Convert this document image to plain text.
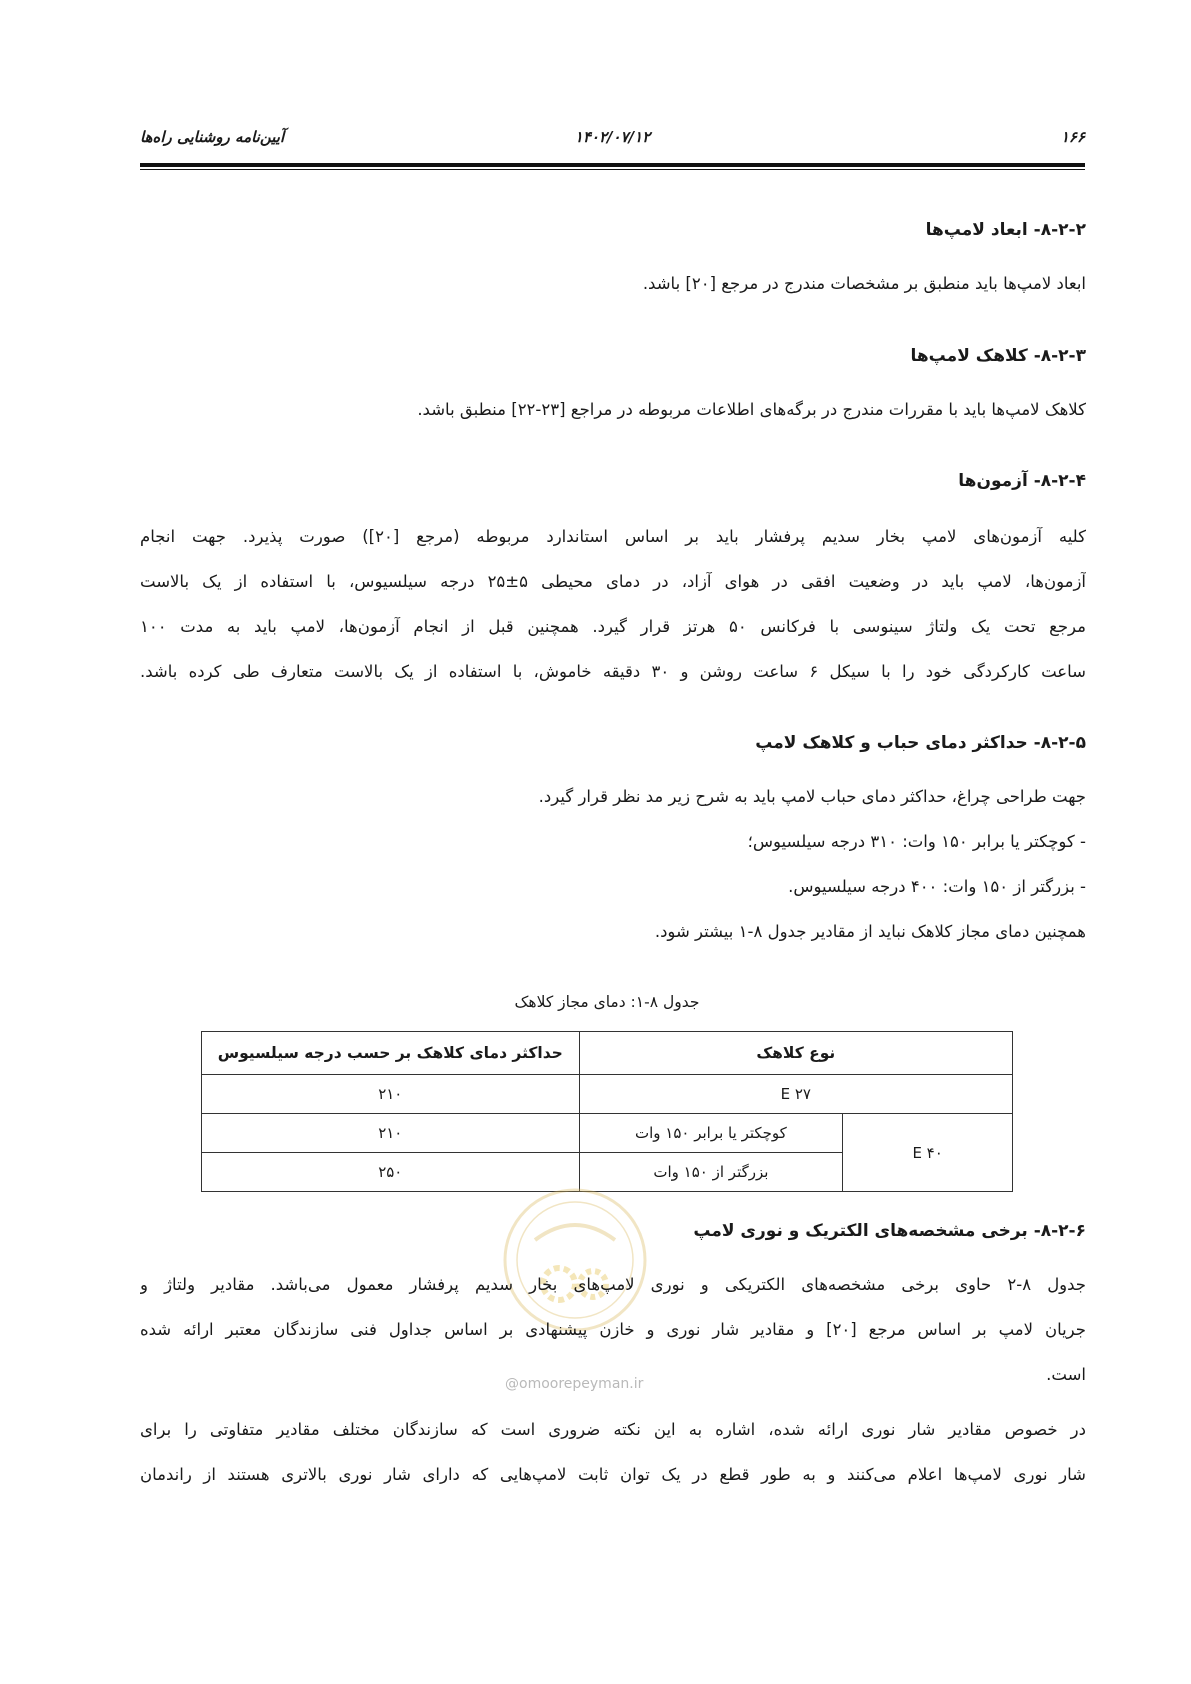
۱۶۶
۱۴۰۲/۰۷/۱۲
آیین‌نامه روشنایی راه‌ها
۸-۲-۲- ابعاد لامپ‌ها
ابعاد لامپ‌ها باید منطبق بر مشخصات مندرج در مرجع [۲۰] باشد.
۸-۲-۳- کلاهک لامپ‌ها
کلاهک لامپ‌ها باید با مقررات مندرج در برگه‌های اطلاعات مربوطه در مراجع [۲۳-۲۲] منطبق باشد.
۸-۲-۴- آزمون‌ها
کلیه آزمون‌های لامپ بخار سدیم پرفشار باید بر اساس استاندارد مربوطه (مرجع [۲۰]) صورت پذیرد. جهت انجام
آزمون‌ها، لامپ باید در وضعیت افقی در هوای آزاد، در دمای محیطی ۵±۲۵ درجه سیلسیوس، با استفاده از یک بالاست
مرجع تحت یک ولتاژ سینوسی با فرکانس ۵۰ هرتز قرار گیرد. همچنین قبل از انجام آزمون‌ها، لامپ باید به مدت ۱۰۰
ساعت کارکردگی خود را با سیکل ۶ ساعت روشن و ۳۰ دقیقه خاموش، با استفاده از یک بالاست متعارف طی کرده باشد.
۸-۲-۵- حداکثر دمای حباب و کلاهک لامپ
جهت طراحی چراغ، حداکثر دمای حباب لامپ باید به شرح زیر مد نظر قرار گیرد.
- کوچکتر یا برابر ۱۵۰ وات: ۳۱۰ درجه سیلسیوس؛
- بزرگتر از ۱۵۰ وات: ۴۰۰ درجه سیلسیوس.
همچنین دمای مجاز کلاهک نباید از مقادیر جدول ۸-۱ بیشتر شود.
جدول ۸-۱: دمای مجاز کلاهک
نوع کلاهک		حداکثر دمای کلاهک بر حسب درجه سیلسیوس
E ۲۷		۲۱۰
E ۴۰	کوچکتر یا برابر ۱۵۰ وات	۲۱۰
	بزرگتر از ۱۵۰ وات	۲۵۰
@omoorepeyman.ir
۸-۲-۶- برخی مشخصه‌های الکتریک و نوری لامپ
جدول ۸-۲ حاوی برخی مشخصه‌های الکتریکی و نوری لامپ‌های بخار سدیم پرفشار معمول می‌باشد. مقادیر ولتاژ و
جریان لامپ بر اساس مرجع [۲۰] و مقادیر شار نوری و خازن پیشنهادی بر اساس جداول فنی سازندگان معتبر ارائه شده
است.
در خصوص مقادیر شار نوری ارائه شده، اشاره به این نکته ضروری است که سازندگان مختلف مقادیر متفاوتی را برای
شار نوری لامپ‌ها اعلام می‌کنند و به طور قطع در یک توان ثابت لامپ‌هایی که دارای شار نوری بالاتری هستند از راندمان
